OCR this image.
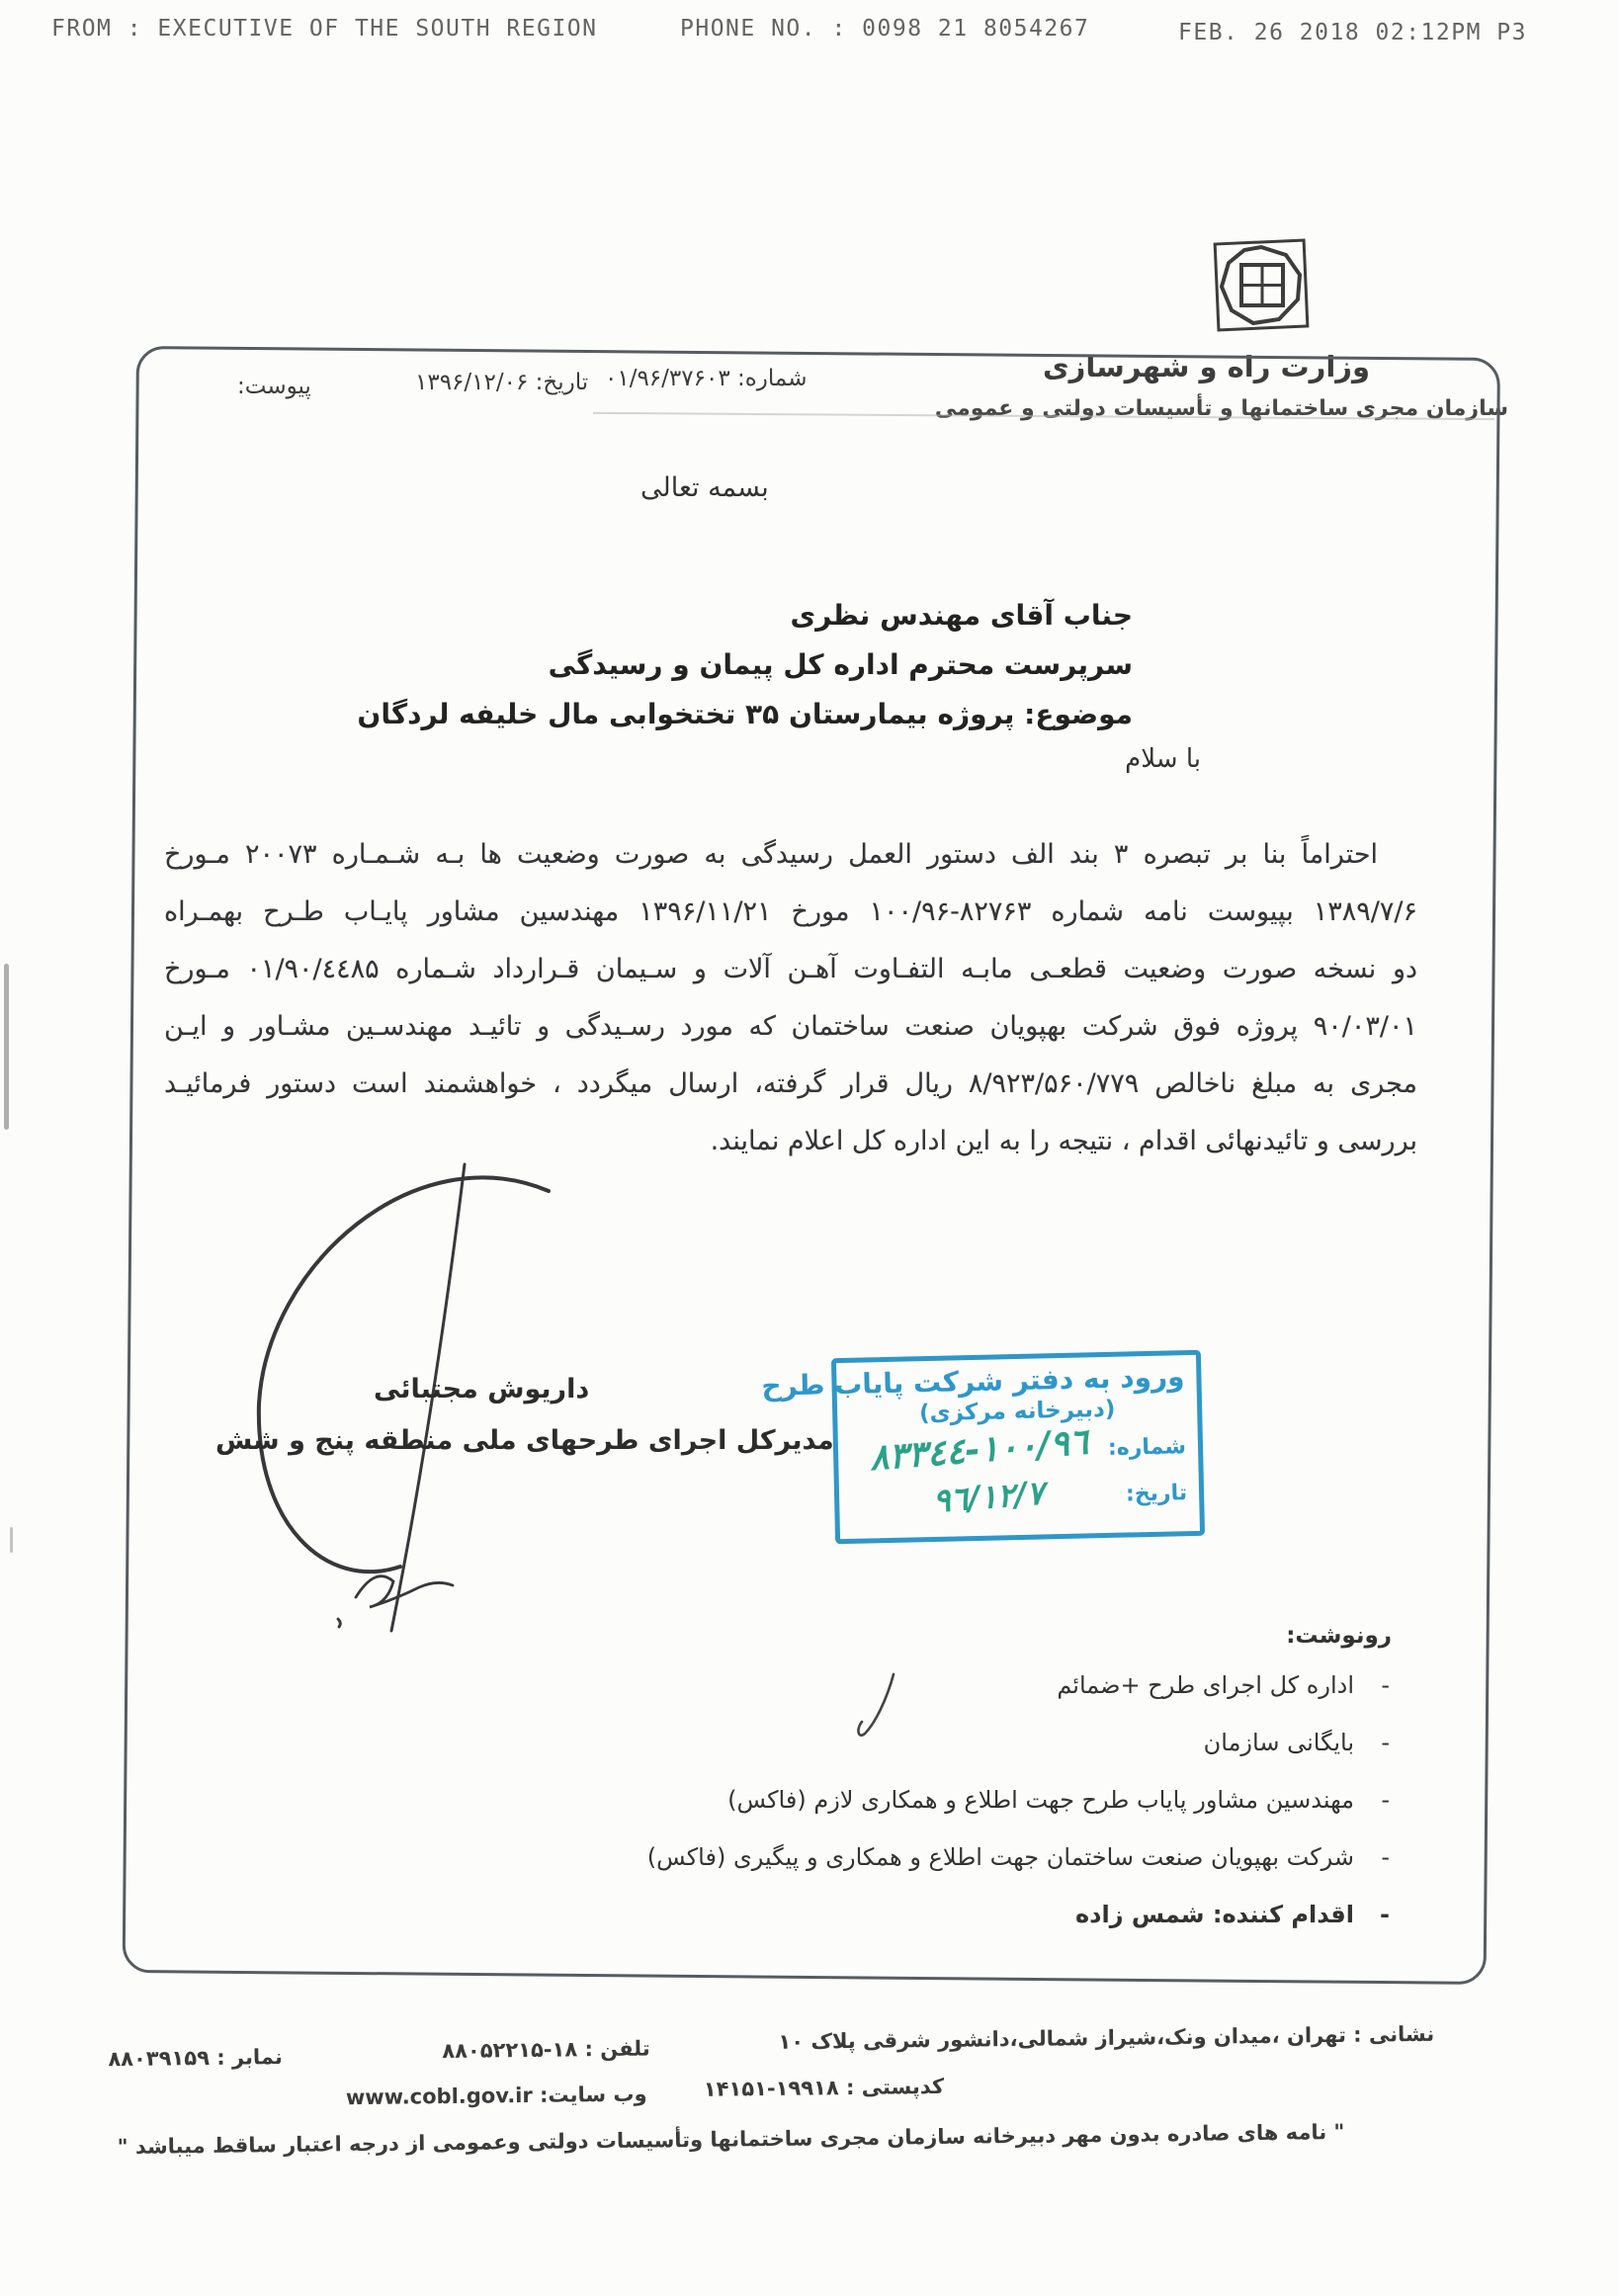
FROM : EXECUTIVE OF THE SOUTH REGION	PHONE NO. : 0098 21 8054267	FEB. 26 2018 02:12PM P3
وزارت راه و شهرسازی
سازمان مجری ساختمانها و تأسیسات دولتی و عمومی
شماره: ۰۱/۹۶/۳۷۶۰۳
تاریخ: ۱۳۹۶/۱۲/۰۶
پیوست:
بسمه تعالی
جناب آقای مهندس نظری
سرپرست محترم اداره کل پیمان و رسیدگی
موضوع: پروژه بیمارستان ۳۵ تختخوابی مال خلیفه لردگان
با سلام
احتراماً بنا بر تبصره ۳ بند الف دستور العمل رسیدگی به صورت وضعیت ها بـه شـمـاره ۲۰۰۷۳ مـورخ
۱۳۸۹/۷/۶ بپیوست نامه شماره ⁦۱۰۰/۹۶-۸۲۷۶۳⁩ مورخ ۱۳۹۶/۱۱/۲۱ مهندسین مشاور پایـاب طـرح بهمـراه
دو نسخه صورت وضعیت قطعـی مابـه التفـاوت آهـن آلات و سـیمان قـرارداد شـماره ۰۱/۹۰/٤٤۸۵ مـورخ
۹۰/۰۳/۰۱ پروژه فوق شرکت بهپویان صنعت ساختمان که مورد رسـیدگی و تائیـد مهندسـین مشـاور و ایـن
مجری به مبلغ ناخالص ۸/۹۲۳/۵۶۰/۷۷۹ ریال قرار گرفته، ارسال میگردد ، خواهشمند است دستور فرمائیـد
بررسی و تائیدنهائی اقدام ، نتیجه را به این اداره کل اعلام نمایند.
داریوش مجتبائی
مدیرکل اجرای طرحهای ملی منطقه پنج و شش
ورود به دفتر شرکت پایاب طرح
(دبیرخانه مرکزی)
شماره:
١٠٠/٩٦-٨٣٣٤٤
تاریخ:
٩٦/١٢/٧
رونوشت:
-
اداره کل اجرای طرح +ضمائم
-
بایگانی سازمان
-
مهندسین مشاور پایاب طرح جهت اطلاع و همکاری لازم (فاکس)
-
شرکت بهپویان صنعت ساختمان جهت اطلاع و همکاری و پیگیری (فاکس)
-
اقدام کننده: شمس زاده
نشانی : تهران ،میدان ونک،شیراز شمالی،دانشور شرقی پلاک ۱۰
تلفن : ۸۸۰۵۲۲۱۵-۱۸
نمابر : ۸۸۰۳۹۱۵۹
کدپستی : ۱۴۱۵۱-۱۹۹۱۸
وب سایت: www.cobl.gov.ir
" نامه های صادره بدون مهر دبیرخانه سازمان مجری ساختمانها وتأسیسات دولتی وعمومی از درجه اعتبار ساقط میباشد "
